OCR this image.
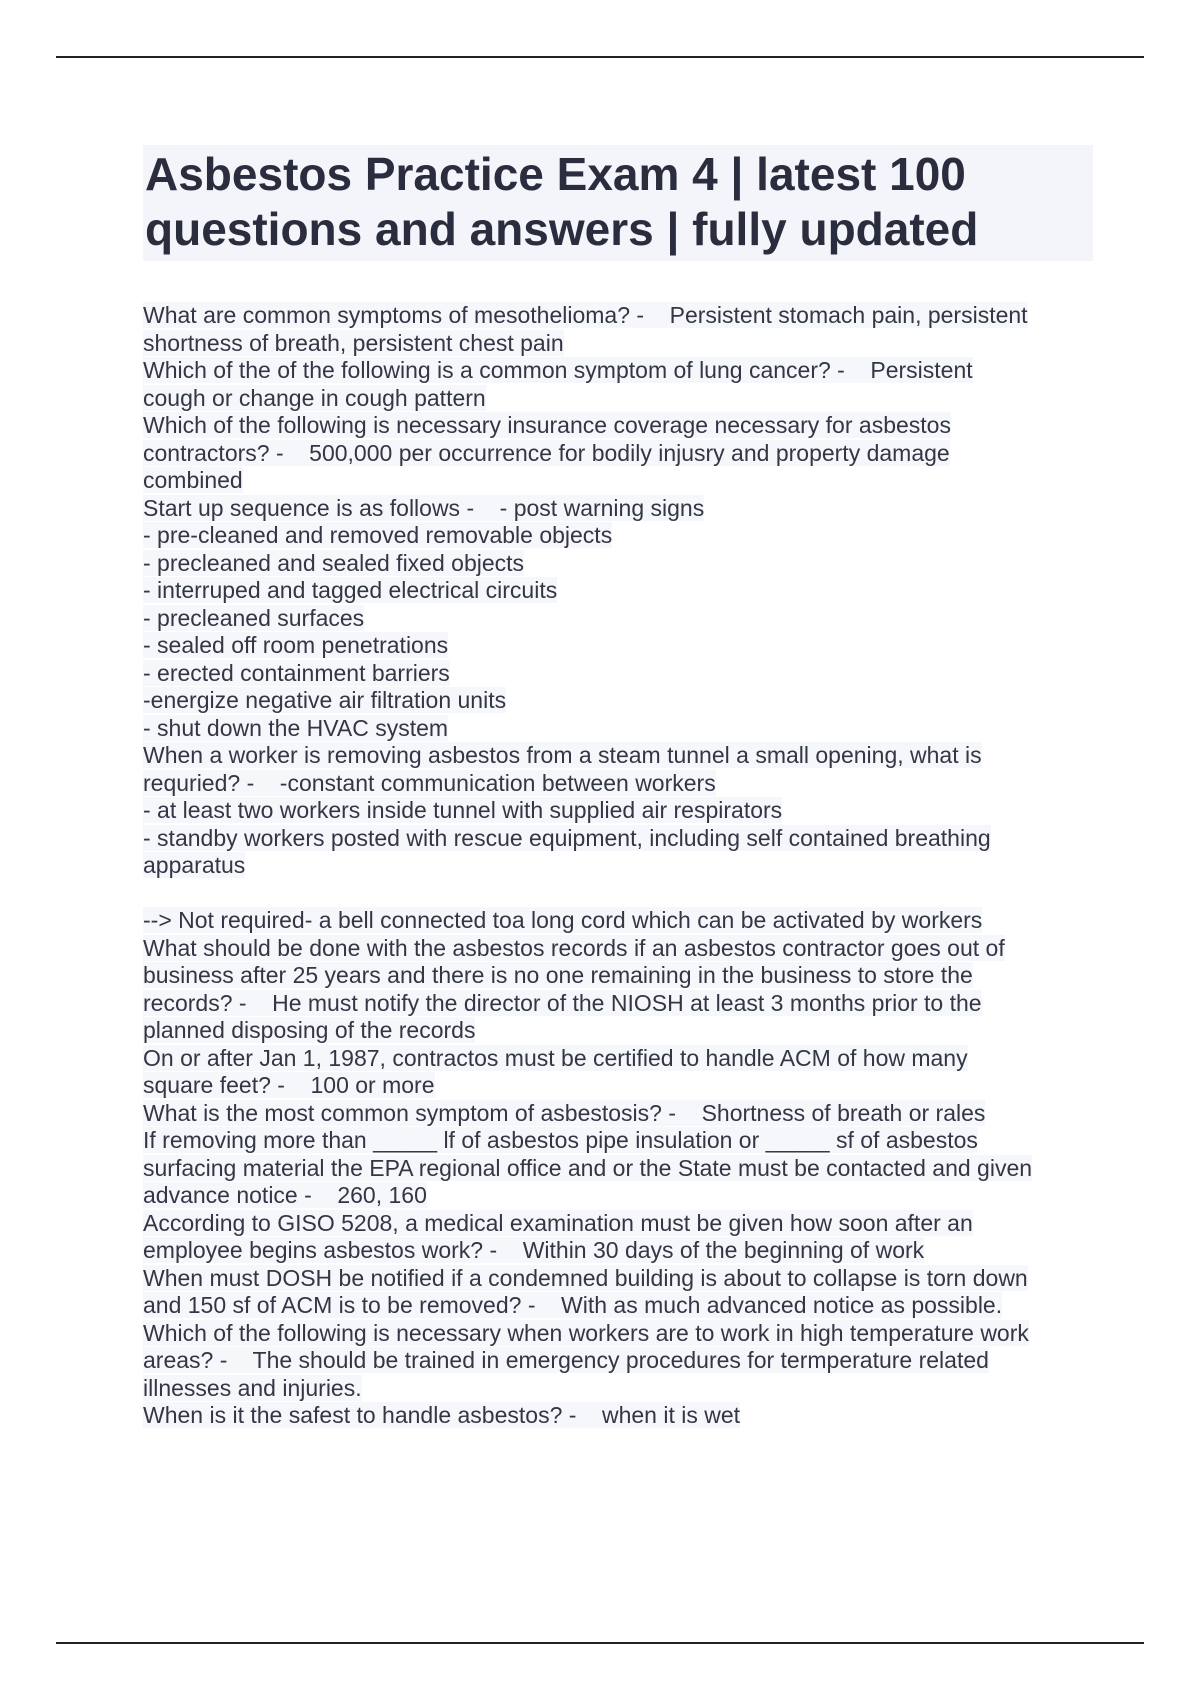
Asbestos Practice Exam 4 | latest 100
questions and answers | fully updated
What are common symptoms of mesothelioma? -    Persistent stomach pain, persistent
shortness of breath, persistent chest pain
Which of the of the following is a common symptom of lung cancer? -    Persistent
cough or change in cough pattern
Which of the following is necessary insurance coverage necessary for asbestos
contractors? -    500,000 per occurrence for bodily injusry and property damage
combined
Start up sequence is as follows -    - post warning signs
- pre-cleaned and removed removable objects
- precleaned and sealed fixed objects
- interruped and tagged electrical circuits
- precleaned surfaces
- sealed off room penetrations
- erected containment barriers
-energize negative air filtration units
- shut down the HVAC system
When a worker is removing asbestos from a steam tunnel a small opening, what is
requried? -    -constant communication between workers
- at least two workers inside tunnel with supplied air respirators
- standby workers posted with rescue equipment, including self contained breathing
apparatus
--> Not required- a bell connected toa long cord which can be activated by workers
What should be done with the asbestos records if an asbestos contractor goes out of
business after 25 years and there is no one remaining in the business to store the
records? -    He must notify the director of the NIOSH at least 3 months prior to the
planned disposing of the records
On or after Jan 1, 1987, contractos must be certified to handle ACM of how many
square feet? -    100 or more
What is the most common symptom of asbestosis? -    Shortness of breath or rales
If removing more than _____ lf of asbestos pipe insulation or _____ sf of asbestos
surfacing material the EPA regional office and or the State must be contacted and given
advance notice -    260, 160
According to GISO 5208, a medical examination must be given how soon after an
employee begins asbestos work? -    Within 30 days of the beginning of work
When must DOSH be notified if a condemned building is about to collapse is torn down
and 150 sf of ACM is to be removed? -    With as much advanced notice as possible.
Which of the following is necessary when workers are to work in high temperature work
areas? -    The should be trained in emergency procedures for termperature related
illnesses and injuries.
When is it the safest to handle asbestos? -    when it is wet
